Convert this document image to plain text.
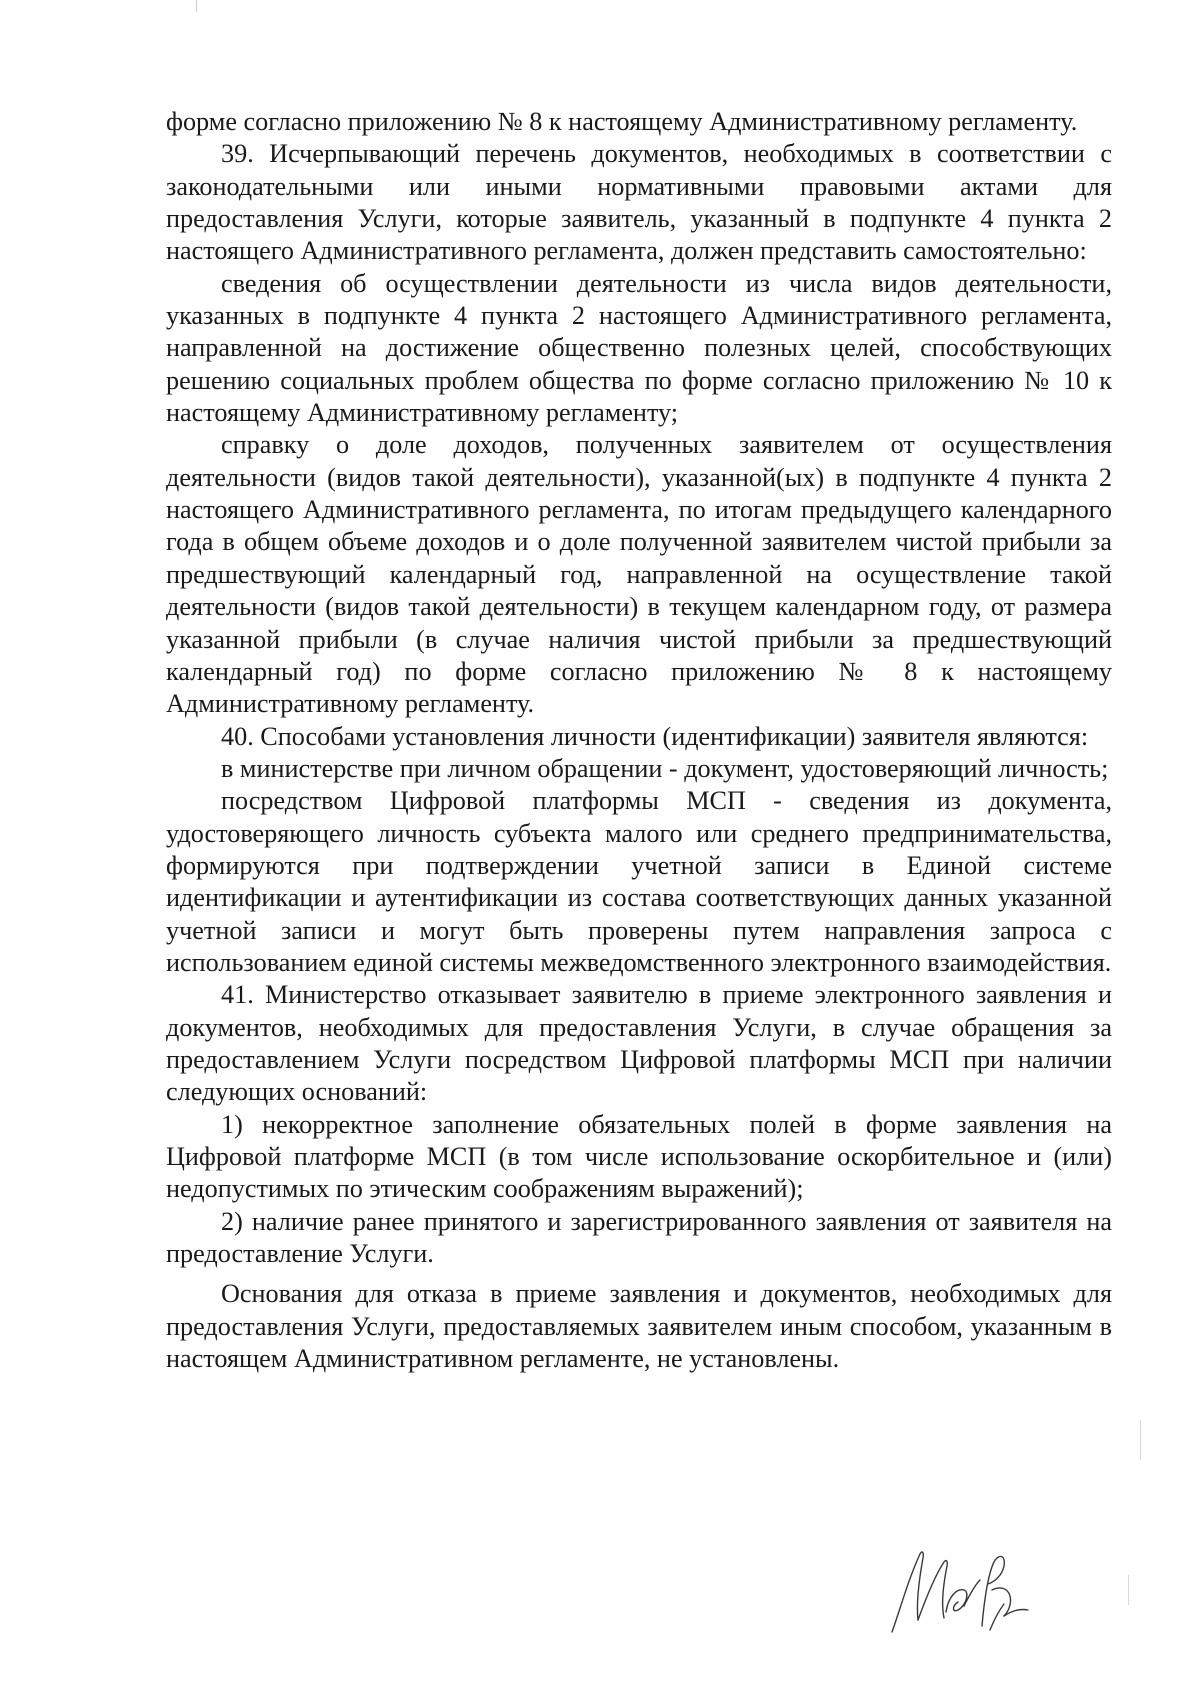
форме согласно приложению № 8 к настоящему Административному регламенту.

39. Исчерпывающий перечень документов, необходимых в соответствии с законодательными или иными нормативными правовыми актами для предоставления Услуги, которые заявитель, указанный в подпункте 4 пункта 2 настоящего Административного регламента, должен представить самостоятельно:

сведения об осуществлении деятельности из числа видов деятельности, указанных в подпункте 4 пункта 2 настоящего Административного регламента, направленной на достижение общественно полезных целей, способствующих решению социальных проблем общества по форме согласно приложению № 10 к настоящему Административному регламенту;

справку о доле доходов, полученных заявителем от осуществления деятельности (видов такой деятельности), указанной(ых) в подпункте 4 пункта 2 настоящего Административного регламента, по итогам предыдущего календарного года в общем объеме доходов и о доле полученной заявителем чистой прибыли за предшествующий календарный год, направленной на осуществление такой деятельности (видов такой деятельности) в текущем календарном году, от размера указанной прибыли (в случае наличия чистой прибыли за предшествующий календарный год) по форме согласно приложению № 8 к настоящему Административному регламенту.

40. Способами установления личности (идентификации) заявителя являются:

в министерстве при личном обращении - документ, удостоверяющий личность;

посредством Цифровой платформы МСП - сведения из документа, удостоверяющего личность субъекта малого или среднего предпринимательства, формируются при подтверждении учетной записи в Единой системе идентификации и аутентификации из состава соответствующих данных указанной учетной записи и могут быть проверены путем направления запроса с использованием единой системы межведомственного электронного взаимодействия.

41. Министерство отказывает заявителю в приеме электронного заявления и документов, необходимых для предоставления Услуги, в случае обращения за предоставлением Услуги посредством Цифровой платформы МСП при наличии следующих оснований:

1) некорректное заполнение обязательных полей в форме заявления на Цифровой платформе МСП (в том числе использование оскорбительное и (или) недопустимых по этическим соображениям выражений);

2) наличие ранее принятого и зарегистрированного заявления от заявителя на предоставление Услуги.

Основания для отказа в приеме заявления и документов, необходимых для предоставления Услуги, предоставляемых заявителем иным способом, указанным в настоящем Административном регламенте, не установлены.
